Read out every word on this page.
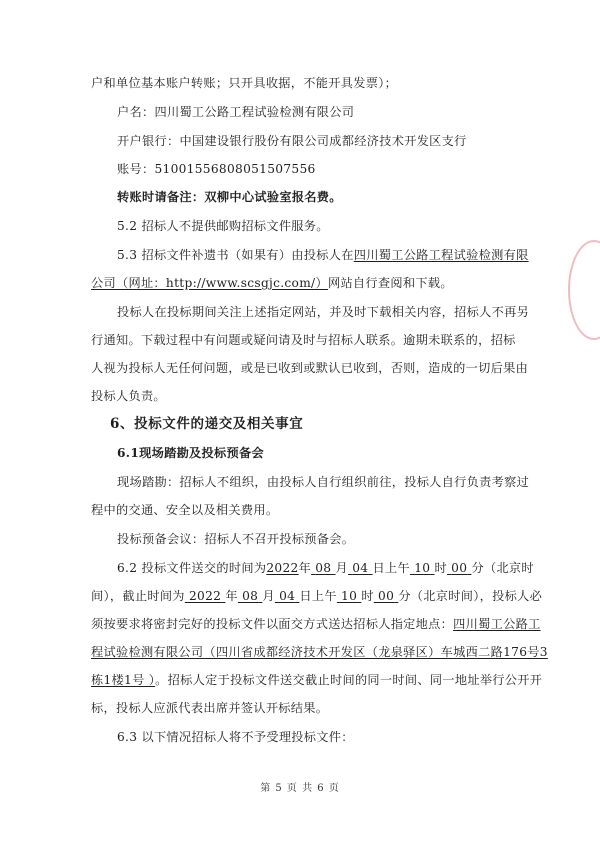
户和单位基本账户转账；只开具收据，不能开具发票）；
户名：四川蜀工公路工程试验检测有限公司
开户银行：中国建设银行股份有限公司成都经济技术开发区支行
账号：51001556808051507556
转账时请备注：双柳中心试验室报名费。
5.2 招标人不提供邮购招标文件服务。
5.3 招标文件补遗书（如果有）由投标人在四川蜀工公路工程试验检测有限
公司（网址：http://www.scsgjc.com/）网站自行查阅和下载。
投标人在投标期间关注上述指定网站，并及时下载相关内容，招标人不再另
行通知。下载过程中有问题或疑问请及时与招标人联系。逾期未联系的，招标
人视为投标人无任何问题，或是已收到或默认已收到，否则，造成的一切后果由
投标人负责。
6、投标文件的递交及相关事宜
6.1现场踏勘及投标预备会
现场踏勘：招标人不组织，由投标人自行组织前往，投标人自行负责考察过
程中的交通、安全以及相关费用。
投标预备会议：招标人不召开投标预备会。
6.2 投标文件送交的时间为2022年 08 月 04 日上午 10 时 00 分（北京时
间），截止时间为 2022 年 08 月 04 日上午 10 时 00 分（北京时间），投标人必
须按要求将密封完好的投标文件以面交方式送达招标人指定地点：四川蜀工公路工
程试验检测有限公司（四川省成都经济技术开发区（龙泉驿区）车城西二路176号3
栋1楼1号 ）。招标人定于投标文件送交截止时间的同一时间、同一地址举行公开开
标，投标人应派代表出席并签认开标结果。
6.3 以下情况招标人将不予受理投标文件：
第 5 页 共 6 页
